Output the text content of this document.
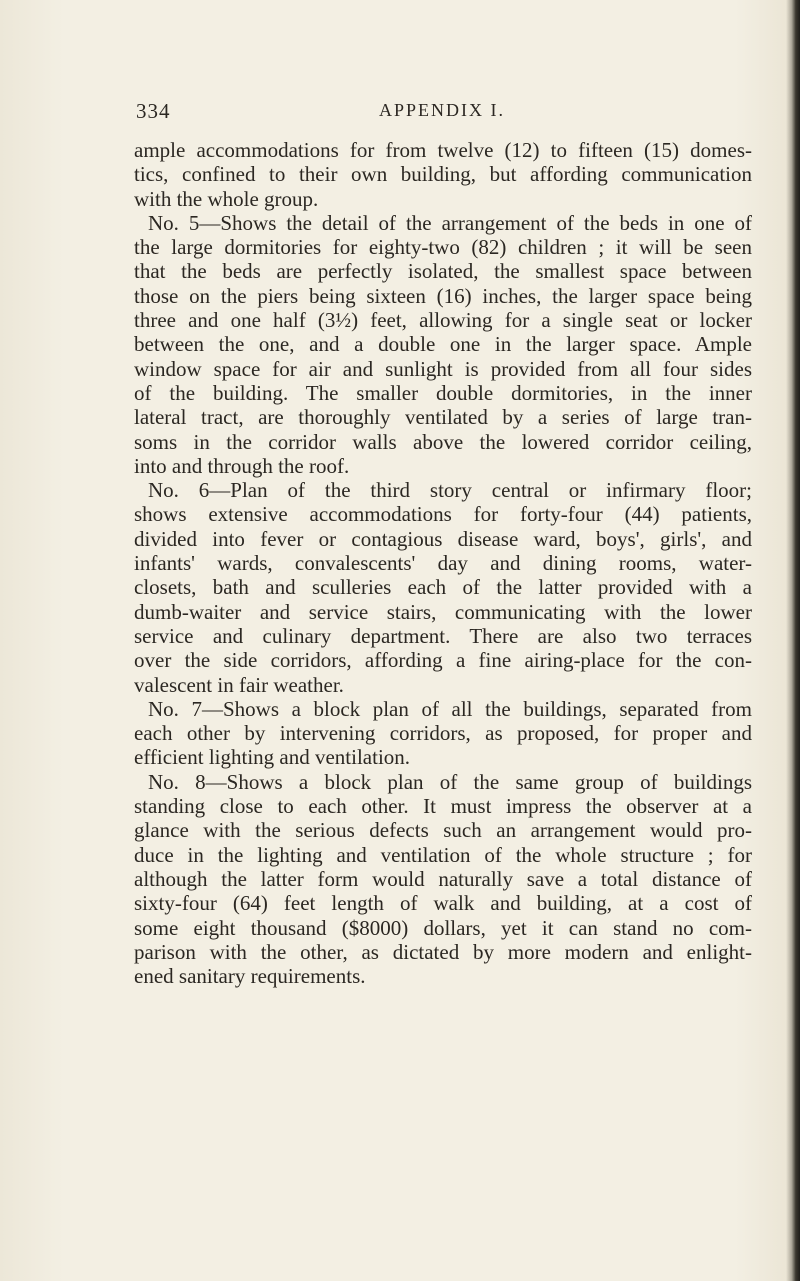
334	APPENDIX I.
ample accommodations for from twelve (12) to fifteen (15) domes-
tics, confined to their own building, but affording communication
with the whole group.
No. 5—Shows the detail of the arrangement of the beds in one of
the large dormitories for eighty-two (82) children ; it will be seen
that the beds are perfectly isolated, the smallest space between
those on the piers being sixteen (16) inches, the larger space being
three and one half (3½) feet, allowing for a single seat or locker
between the one, and a double one in the larger space. Ample
window space for air and sunlight is provided from all four sides
of the building. The smaller double dormitories, in the inner
lateral tract, are thoroughly ventilated by a series of large tran-
soms in the corridor walls above the lowered corridor ceiling,
into and through the roof.
No. 6—Plan of the third story central or infirmary floor;
shows extensive accommodations for forty-four (44) patients,
divided into fever or contagious disease ward, boys', girls', and
infants' wards, convalescents' day and dining rooms, water-
closets, bath and sculleries each of the latter provided with a
dumb-waiter and service stairs, communicating with the lower
service and culinary department. There are also two terraces
over the side corridors, affording a fine airing-place for the con-
valescent in fair weather.
No. 7—Shows a block plan of all the buildings, separated from
each other by intervening corridors, as proposed, for proper and
efficient lighting and ventilation.
No. 8—Shows a block plan of the same group of buildings
standing close to each other. It must impress the observer at a
glance with the serious defects such an arrangement would pro-
duce in the lighting and ventilation of the whole structure ; for
although the latter form would naturally save a total distance of
sixty-four (64) feet length of walk and building, at a cost of
some eight thousand ($8000) dollars, yet it can stand no com-
parison with the other, as dictated by more modern and enlight-
ened sanitary requirements.
